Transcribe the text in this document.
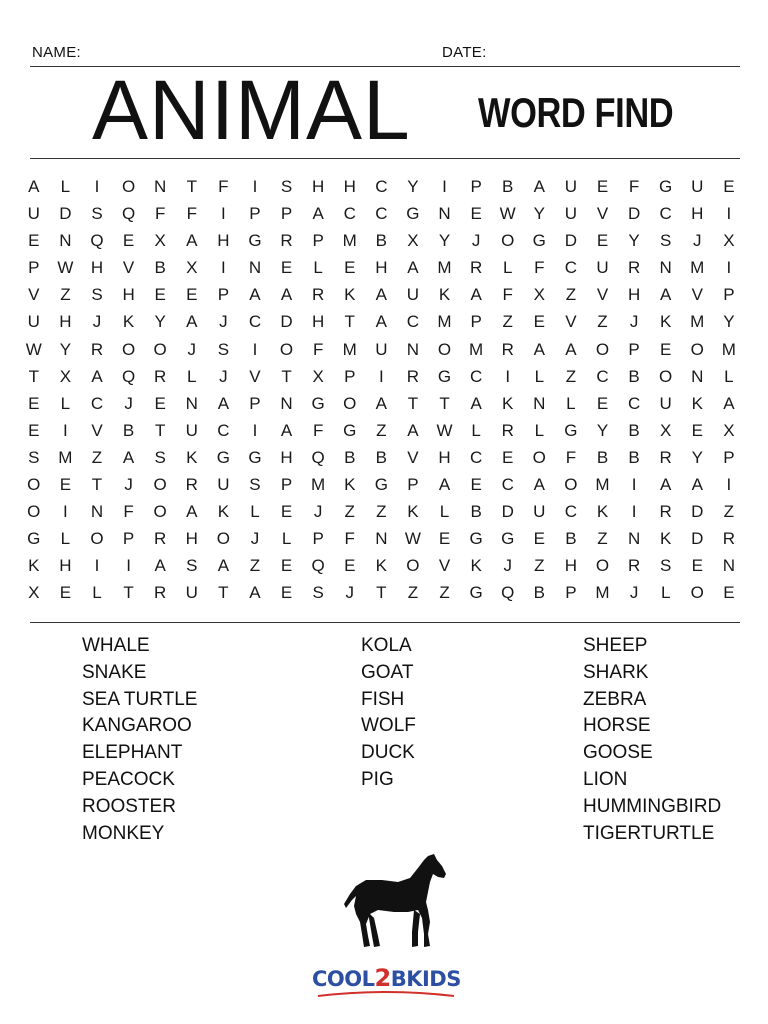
NAME:	DATE:
ANIMAL WORD FIND
A	L	I	O	N	T	F	I	S	H	H	C	Y	I	P	B	A	U	E	F	G	U	E
U	D	S	Q	F	F	I	P	P	A	C	C	G	N	E	W	Y	U	V	D	C	H	I
E	N	Q	E	X	A	H	G	R	P	M	B	X	Y	J	O	G	D	E	Y	S	J	X
P	W	H	V	B	X	I	N	E	L	E	H	A	M	R	L	F	C	U	R	N	M	I
V	Z	S	H	E	E	P	A	A	R	K	A	U	K	A	F	X	Z	V	H	A	V	P
U	H	J	K	Y	A	J	C	D	H	T	A	C	M	P	Z	E	V	Z	J	K	M	Y
W	Y	R	O	O	J	S	I	O	F	M	U	N	O	M	R	A	A	O	P	E	O	M
T	X	A	Q	R	L	J	V	T	X	P	I	R	G	C	I	L	Z	C	B	O	N	L
E	L	C	J	E	N	A	P	N	G	O	A	T	T	A	K	N	L	E	C	U	K	A
E	I	V	B	T	U	C	I	A	F	G	Z	A	W	L	R	L	G	Y	B	X	E	X
S	M	Z	A	S	K	G	G	H	Q	B	B	V	H	C	E	O	F	B	B	R	Y	P
O	E	T	J	O	R	U	S	P	M	K	G	P	A	E	C	A	O	M	I	A	A	I
O	I	N	F	O	A	K	L	E	J	Z	Z	K	L	B	D	U	C	K	I	R	D	Z
G	L	O	P	R	H	O	J	L	P	F	N	W	E	G	G	E	B	Z	N	K	D	R
K	H	I	I	A	S	A	Z	E	Q	E	K	O	V	K	J	Z	H	O	R	S	E	N
X	E	L	T	R	U	T	A	E	S	J	T	Z	Z	G	Q	B	P	M	J	L	O	E
WHALE
SNAKE
SEA TURTLE
KANGAROO
ELEPHANT
PEACOCK
ROOSTER
MONKEY
KOLA
GOAT
FISH
WOLF
DUCK
PIG
SHEEP
SHARK
ZEBRA
HORSE
GOOSE
LION
HUMMINGBIRD
TIGERTURTLE
COOL2BKIDS
